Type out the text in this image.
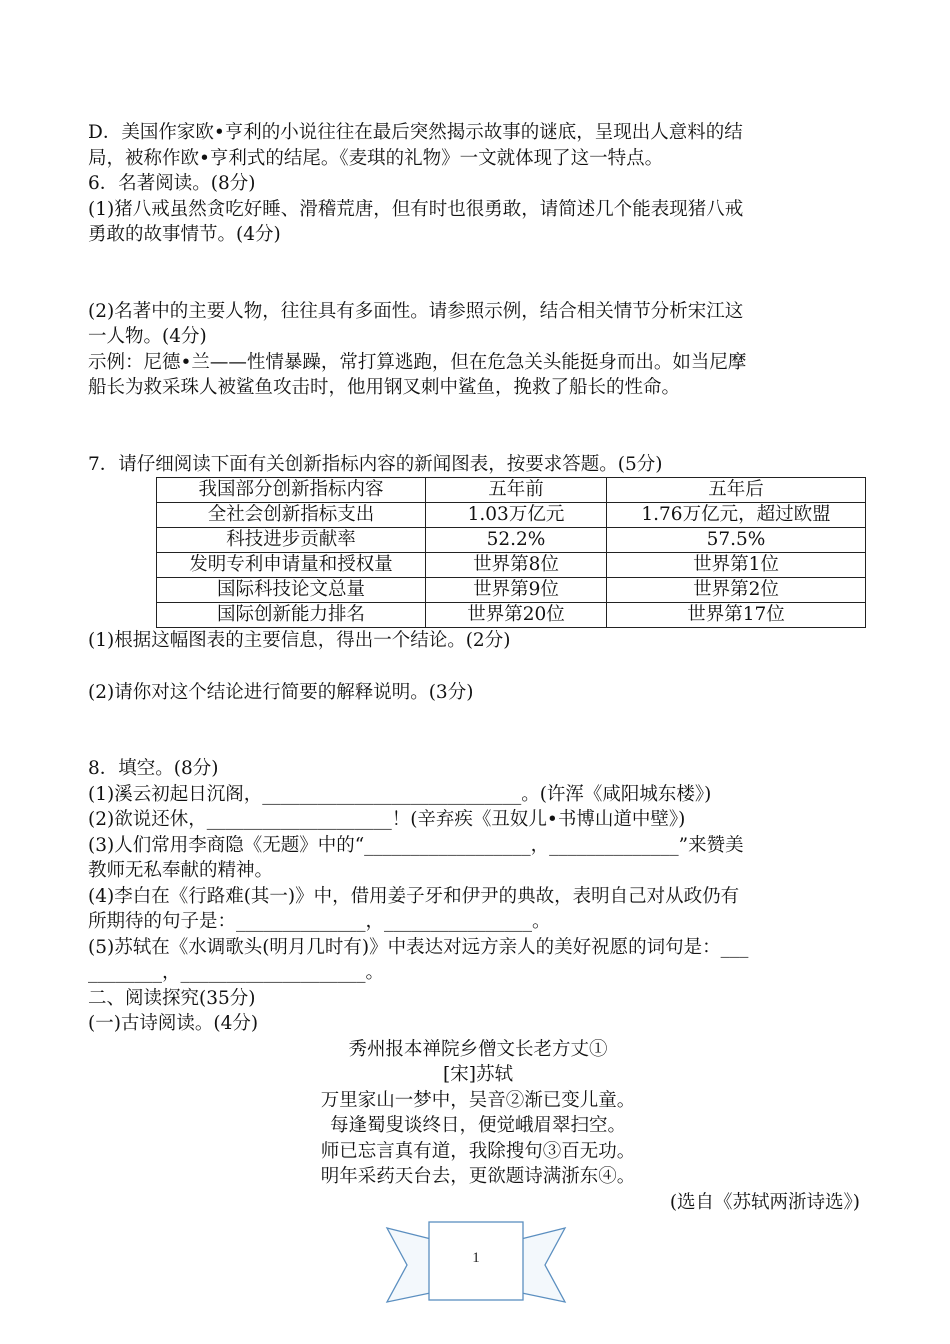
D．美国作家欧•亨利的小说往往在最后突然揭示故事的谜底，呈现出人意料的结

局，被称作欧•亨利式的结尾。《麦琪的礼物》一文就体现了这一特点。

6．名著阅读。(8分)

(1)猪八戒虽然贪吃好睡、滑稽荒唐，但有时也很勇敢，请简述几个能表现猪八戒

勇敢的故事情节。(4分)

(2)名著中的主要人物，往往具有多面性。请参照示例，结合相关情节分析宋江这

一人物。(4分)

示例：尼德•兰——性情暴躁，常打算逃跑，但在危急关头能挺身而出。如当尼摩

船长为救采珠人被鲨鱼攻击时，他用钢叉刺中鲨鱼，挽救了船长的性命。

7．请仔细阅读下面有关创新指标内容的新闻图表，按要求答题。(5分)

我国部分创新指标内容	五年前	五年后
全社会创新指标支出	1.03万亿元	1.76万亿元，超过欧盟
科技进步贡献率	52.2%	57.5%
发明专利申请量和授权量	世界第8位	世界第1位
国际科技论文总量	世界第9位	世界第2位
国际创新能力排名	世界第20位	世界第17位

(1)根据这幅图表的主要信息，得出一个结论。(2分)

(2)请你对这个结论进行简要的解释说明。(3分)

8．填空。(8分)

(1)溪云初起日沉阁，____________________________。(许浑《咸阳城东楼》)

(2)欲说还休，____________________！(辛弃疾《丑奴儿•书博山道中壁》)

(3)人们常用李商隐《无题》中的“__________________，______________”来赞美

教师无私奉献的精神。

(4)李白在《行路难(其一)》中，借用姜子牙和伊尹的典故，表明自己对从政仍有

所期待的句子是：______________，________________。

(5)苏轼在《水调歌头(明月几时有)》中表达对远方亲人的美好祝愿的词句是：___

________，____________________。

二、阅读探究(35分)

(一)古诗阅读。(4分)

秀州报本禅院乡僧文长老方丈①

[宋]苏轼

万里家山一梦中，吴音②渐已变儿童。

每逢蜀叟谈终日，便觉峨眉翠扫空。

师已忘言真有道，我除搜句③百无功。

明年采药天台去，更欲题诗满浙东④。

(选自《苏轼两浙诗选》)

1
